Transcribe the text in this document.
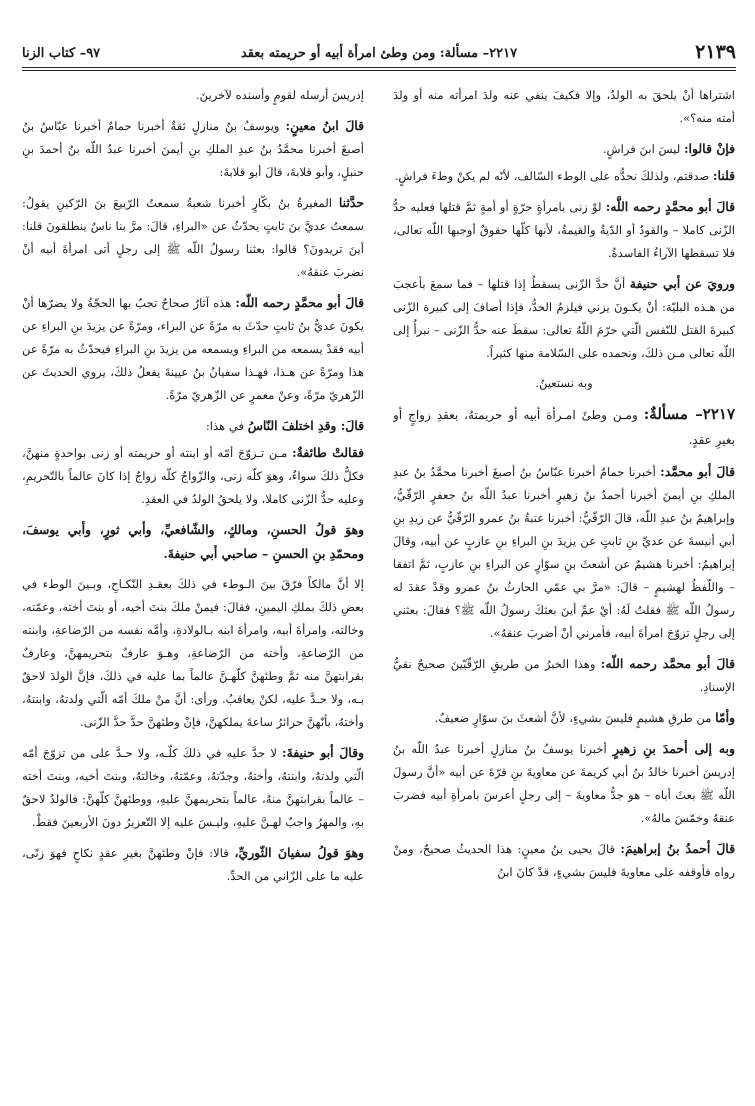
٢١٣٩
٢٢١٧– مسألة: ومن وطئ امرأة أبيه أو حريمته بعقد
٩٧– كتاب الزنا

اشتراها أنْ يلحقَ به الولدُ، وإلا فكيفَ ينفي عنه ولدَ امرأته منه أو ولدَ أمته منه؟».

فإنْ قالوا: ليسَ ابنَ فراشٍ.

قلنا: صدقتم، ولذلكَ نحدُّه على الوطء السّالف، لأنّه لم يكنْ وطءَ فراشٍ.

قالَ أبو محمَّدٍ رحمه اللَّه: لوْ زنى بامرأةٍ حرّةٍ أو أمةٍ ثمَّ قتلها فعليه حدُّ الزّنى كاملا – والقودُ أو الدّيةُ والقيمةُ، لأنها كلّها حقوقٌ أوجبها اللّه تعالى، فلا تسقطها الآراءُ الفاسدةُ.

ورويَ عن أبي حنيفة أنَّ حدَّ الزّنى يسقطُ إذا قتلها – فما سمعَ بأعجبَ من هـذه البليّة: أنْ يكـونَ يزني فيلزمُ الحدُّ، فإذا أضافَ إلى كبيرة الزّنى كبيرةَ القتل للنّفس الّتي حرّمَ اللّهُ تعالى: سقطَ عنه حدُّ الزّنى – نبرأُ إلى اللّه تعالى مـن ذلكَ، ونحمده على السّلامة منها كثيراً.

وبه نستعينُ.

٢٢١٧– مسألةٌ: ومـن وطئَ امـرأة أبيه أو حريمتهُ، بعقدِ زواجٍ أو بغيرِ عقدٍ.

قالَ أبو محمَّد: أخبرنا حمامٌ أخبرنا عبّاسُ بنُ أصبغَ أخبرنا محمَّدُ بنُ عبدِ الملكِ بنِ أيمنَ أخبرنا أحمدُ بنُ زهيرٍ أخبرنا عبدُ اللّه بنُ جعفرٍ الرّقّيُّ، وإبراهيمُ بنُ عبدِ اللّه، قالَ الرّقّيُّ: أخبرنا عتبةُ بنُ عمرو الرّقّيُّ عن زيدِ بنِ أبي أنيسةَ عن عديِّ بنِ ثابتٍ عن يزيدَ بنِ البراءِ بنِ عازبٍ عن أبيه، وقالَ إبراهيمُ: أخبرنا هشيمٌ عن أشعثَ بنِ سوّارٍ عن البراءِ بنِ عازبٍ، ثمَّ اتفقا – واللّفظُ لهشيمٍ – قالَ: «مرَّ بي عمّي الحارثُ بنُ عمرو وقدْ عقدَ له رسولُ اللّه ﷺ فقلتُ لَهُ: أيْ عمِّ أينَ بعثكَ رسولُ اللّه ﷺ؟ فقالَ: بعثني إلى رجلٍ تزوّجَ امرأةَ أبيه، فأمرني أنْ أضربَ عنقهُ».

قالَ أبو محمَّد رحمه اللّه: وهذا الخبرُ من طريقِ الرّقّيّينَ صحيحٌ نقيُّ الإسنادِ.

وأمّا من طرقِ هشيمٍ فليسَ بشيءٍ، لأنَّ أشعثَ بنَ سوّارٍ ضعيفٌ.

وبه إلى أحمدَ بنِ زهيرٍ أخبرنا يوسفُ بنُ منازلٍ أخبرنا عبدُ اللّه بنُ إدريسَ أخبرنا خالدُ بنُ أبي كريمةَ عن معاويةَ بنِ قرّةَ عن أبيه «أنَّ رسولَ اللّه ﷺ بعثَ أباه – هو جدُّ معاويةَ – إلى رجلٍ أعرسَ بامرأةِ أبيه فضربَ عنقهُ وخمّسَ مالهُ».

قالَ أحمدُ بنُ إبراهيمَ: قالَ يحيى بنُ معينٍ: هذا الحديثُ صحيحٌ، ومنْ رواه فأوقفه على معاويةَ فليسَ بشيءٍ، قدْ كانَ ابنُ

إدريسَ أرسله لقومٍ وأسنده لآخرينَ.

قالَ ابنُ معينٍ: ويوسفُ بنُ منازلٍ ثقةٌ أخبرنا حمامٌ أخبرنا عبّاسُ بنُ أصبغَ أخبرنا محمَّدُ بنُ عبدِ الملكِ بنِ أيمنَ أخبرنا عبدُ اللّه بنُ أحمدَ بنِ حنبلٍ، وأبو قلابةَ، قالَ أبو قلابةَ:

حدَّثنا المغيرةُ بنُ بكّارٍ أخبرنا شعبةُ سمعتُ الرّبيعَ بنَ الرّكينِ يقولُ: سمعتُ عديَّ بنَ ثابتٍ يحدّثُ عن «البراءِ، قالَ: مرَّ بنا ناسٌ ينطلقونَ قلنا: أينَ تريدونَ؟ قالوا: بعثنا رسولُ اللّه ﷺ إلى رجلٍ أتى امرأةَ أبيه أنْ نضربَ عنقهُ».

قالَ أبو محمَّدٍ رحمه اللّه: هذه آثارٌ صحاحٌ تجبُ بها الحجّةُ ولا يضرّها أنْ يكونَ عديُّ بنُ ثابتٍ حدّثَ به مرّةً عن البراء، ومرّةً عن يزيدَ بنِ البراءِ عن أبيه فقدْ يسمعه من البراءِ ويسمعه من يزيدَ بنِ البراءِ فيحدّثُ به مرّةً عن هذا ومرّةً عن هـذا، فهـذا سفيانُ بنُ عيينةَ يفعلُ ذلكَ، يروي الحديثَ عن الزّهريّ مرّةً، وعنْ معمرٍ عن الزّهريّ مرّةً.

قالَ: وقدِ اختلفَ النّاسُ في هذا:

فقالتْ طائفةٌ: مـن تـزوّجَ أمّه أو ابنته أو حريمته أو زنى بواحدةٍ منهنَّ، فكلُّ ذلكَ سواءٌ، وهوَ كلّه زنى، والزّواجُ كلّه زواجٌ إذا كانَ عالماً بالتّحريمِ، وعليه حدُّ الزّنى كاملا، ولا يلحقُ الولدُ في العقدِ.

وهوَ قولُ الحسنِ، ومالكٍ، والشّافعيِّ، وأبي ثورٍ، وأبي يوسفَ، ومحمّدِ بنِ الحسنِ – صاحبي أبي حنيفةَ.

إلا أنَّ مالكاً فرّقَ بينَ الـوطء في ذلكَ بعقـدِ النّكـاحِ، وبـينَ الوطء في بعضِ ذلكَ بملكِ اليمينِ، فقالَ: فيمنْ ملكَ بنتَ أخيه، أو بنتَ أخته، وعمّته، وخالته، وامرأةَ أبيه، وامرأةَ ابنه بـالولادةِ، وأمَّه نفسه من الرّضاعةِ، وابنته من الرّضاعةِ، وأخته من الرّضاعةِ، وهـوَ عارفٌ بتحريمهنَّ، وعارفٌ بقرابتهنَّ منه ثمَّ وطئهنَّ كلّهـنَّ عالماً بما عليه في ذلكَ، فإنَّ الولدَ لاحقٌ بـه، ولا حـدَّ عليه، لكنْ يعاقبُ. ورأى: أنَّ منْ ملكَ أمّه الّتي ولدتهُ، وابنتهُ، وأختهُ، بأنّهنَّ حرائرُ ساعةَ يملكهنَّ، فإنْ وطئهنَّ حدَّ حدَّ الزّنى.

وقالَ أبو حنيفةَ: لا حدَّ عليه في ذلكَ كلّـه، ولا حـدَّ على من تزوّجَ أمّه الّتي ولدتهُ، وابنتهُ، وأختهُ، وجدّتهُ، وعمّتهُ، وخالتهُ، وبنتَ أخيه، وبنتَ أخته – عالماً بقرابتهنَّ منهُ، عالماً بتحريمهنَّ عليهِ، ووطئهنَّ كلّهنَّ: فالولدُ لاحقٌ بهِ، والمهرُ واجبٌ لهـنَّ عليهِ، وليـسَ عليه إلا التّعزيرُ دونَ الأربعينَ فقطْ.

وهوَ قولُ سفيانَ الثّوريِّ، قالا: فإنْ وطئهنَّ بغيرِ عقدٍ نكاحٍ فهوَ زنًى، عليه ما على الزّاني من الحدِّ.
